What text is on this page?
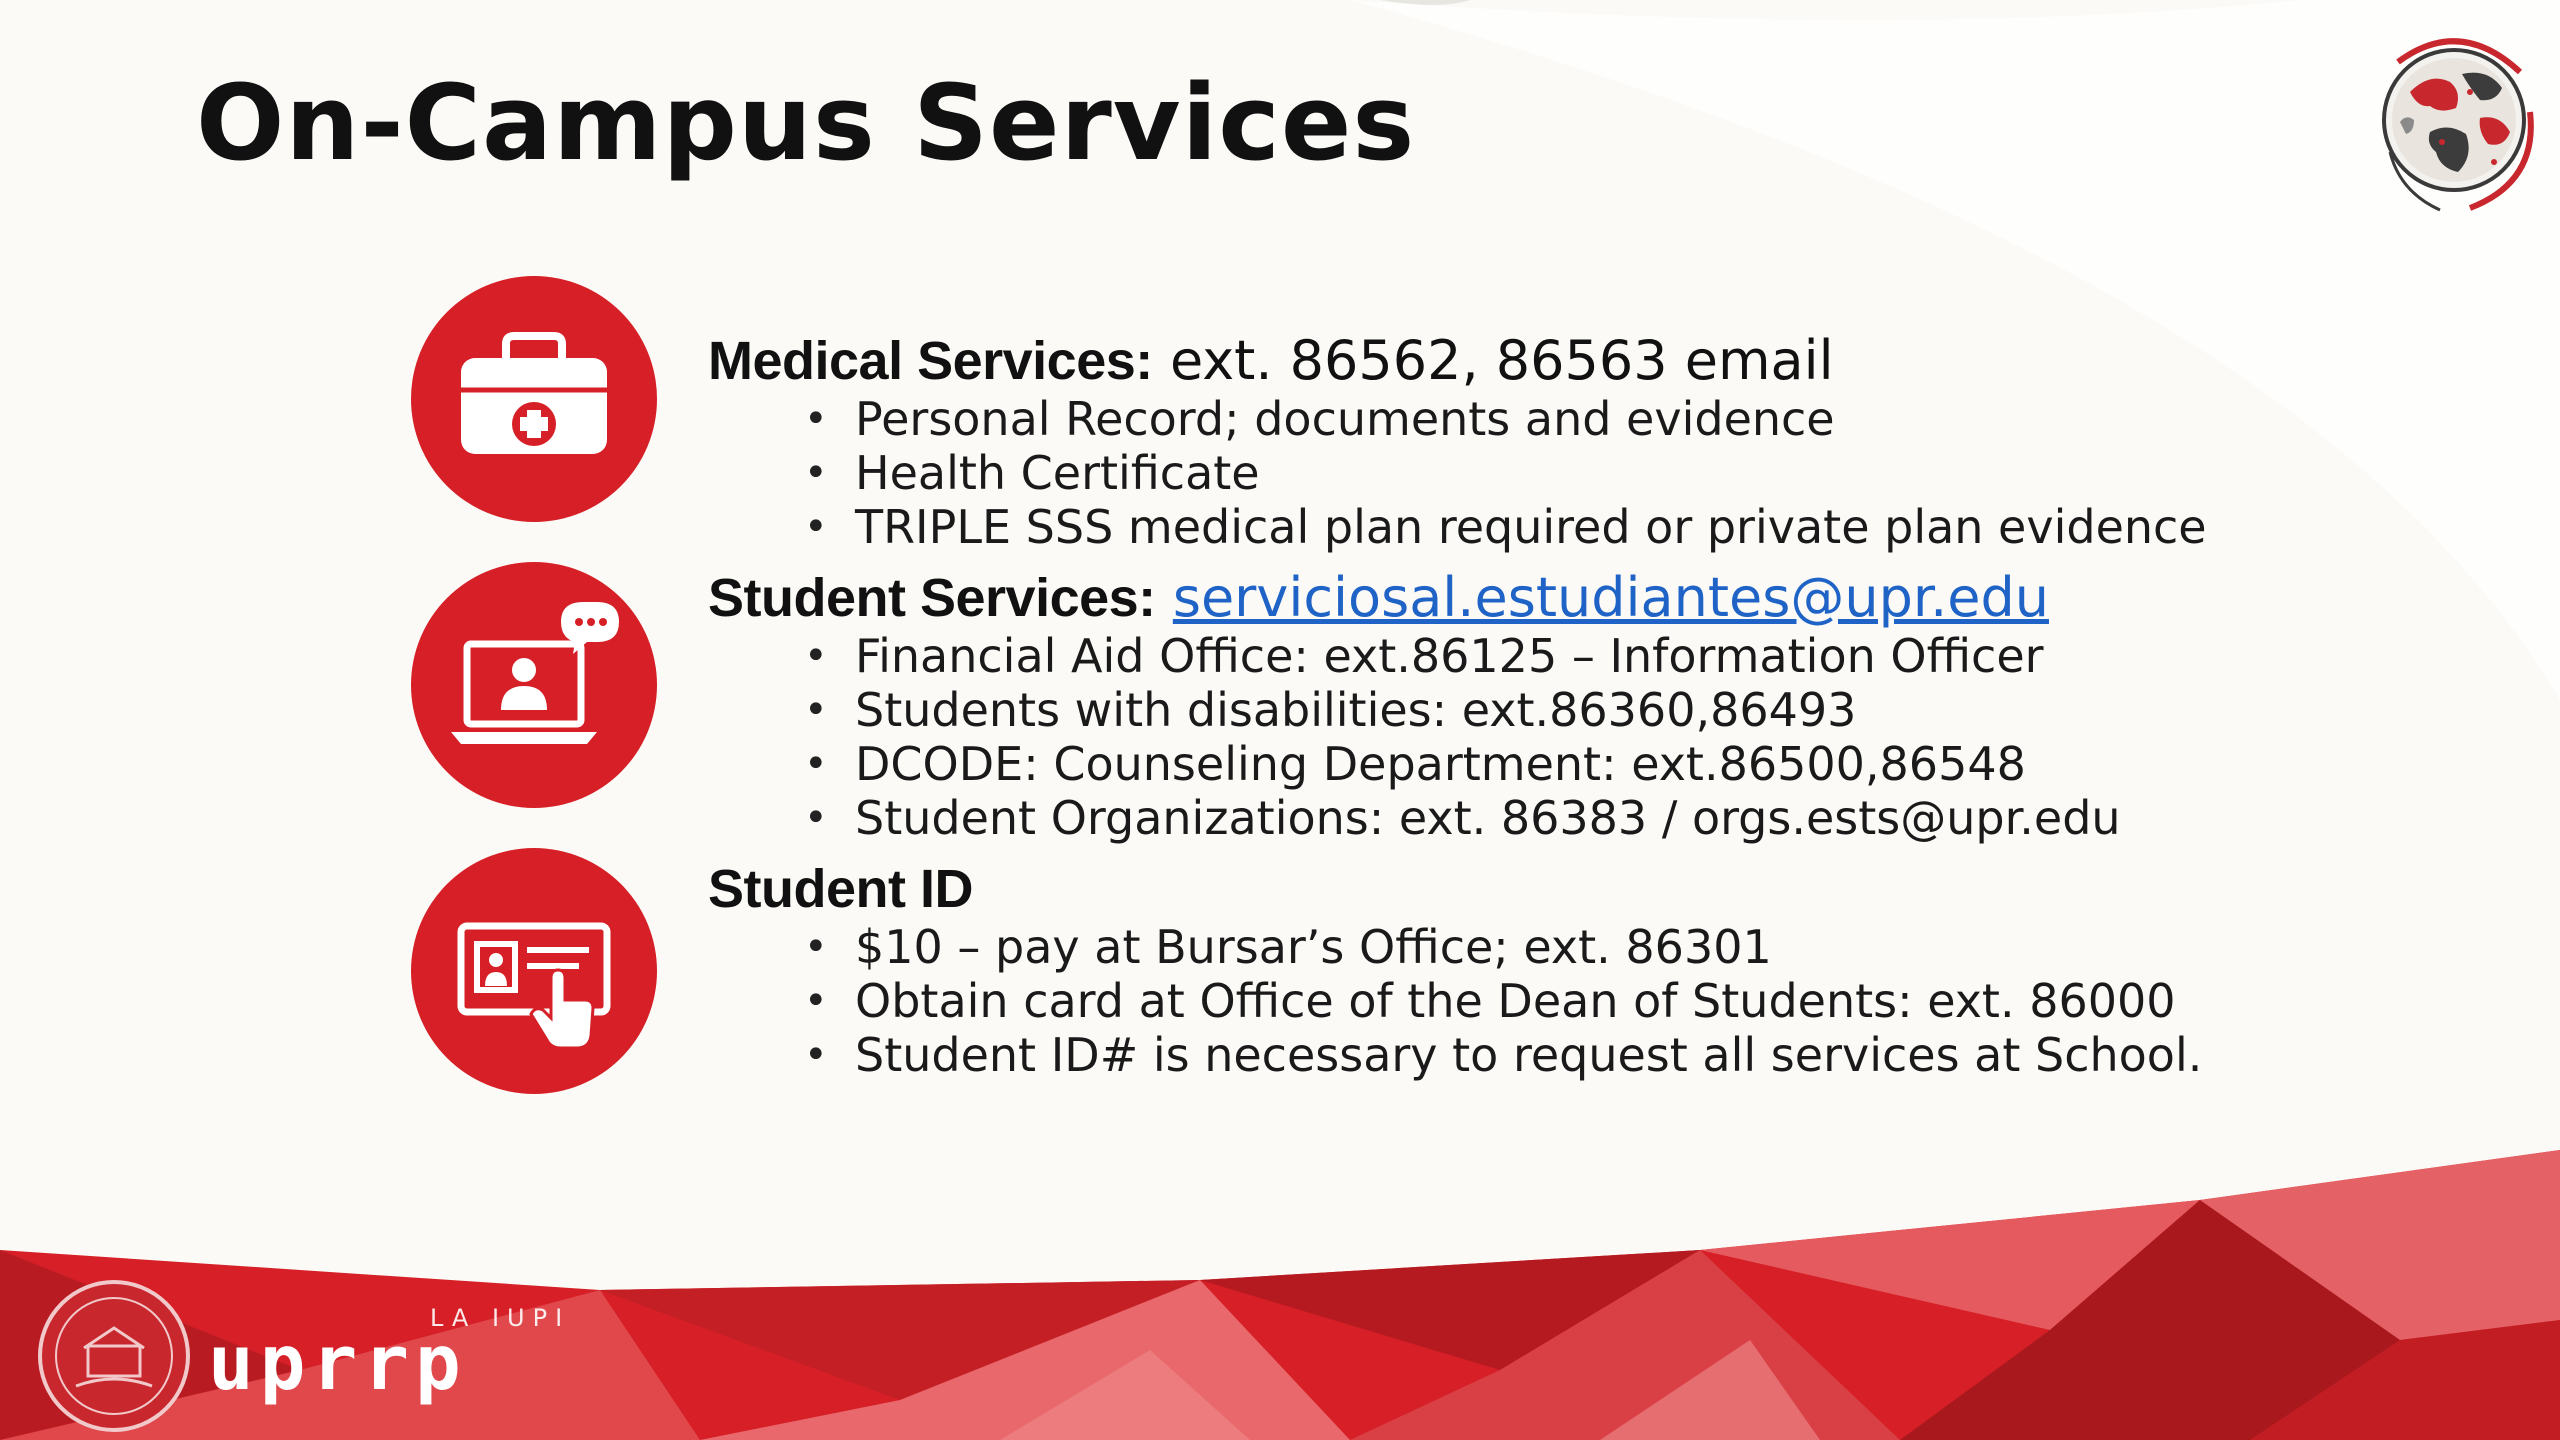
On-Campus Services
Medical Services: ext. 86562, 86563 email
• Personal Record; documents and evidence
• Health Certificate
• TRIPLE SSS medical plan required or private plan evidence
Student Services: serviciosal.estudiantes@upr.edu
• Financial Aid Office: ext.86125 – Information Officer
• Students with disabilities: ext.86360,86493
• DCODE: Counseling Department: ext.86500,86548
• Student Organizations: ext. 86383 / orgs.ests@upr.edu
Student ID
• $10 – pay at Bursar’s Office; ext. 86301
• Obtain card at Office of the Dean of Students: ext. 86000
• Student ID# is necessary to request all services at School.
LA IUPI
uprrp
